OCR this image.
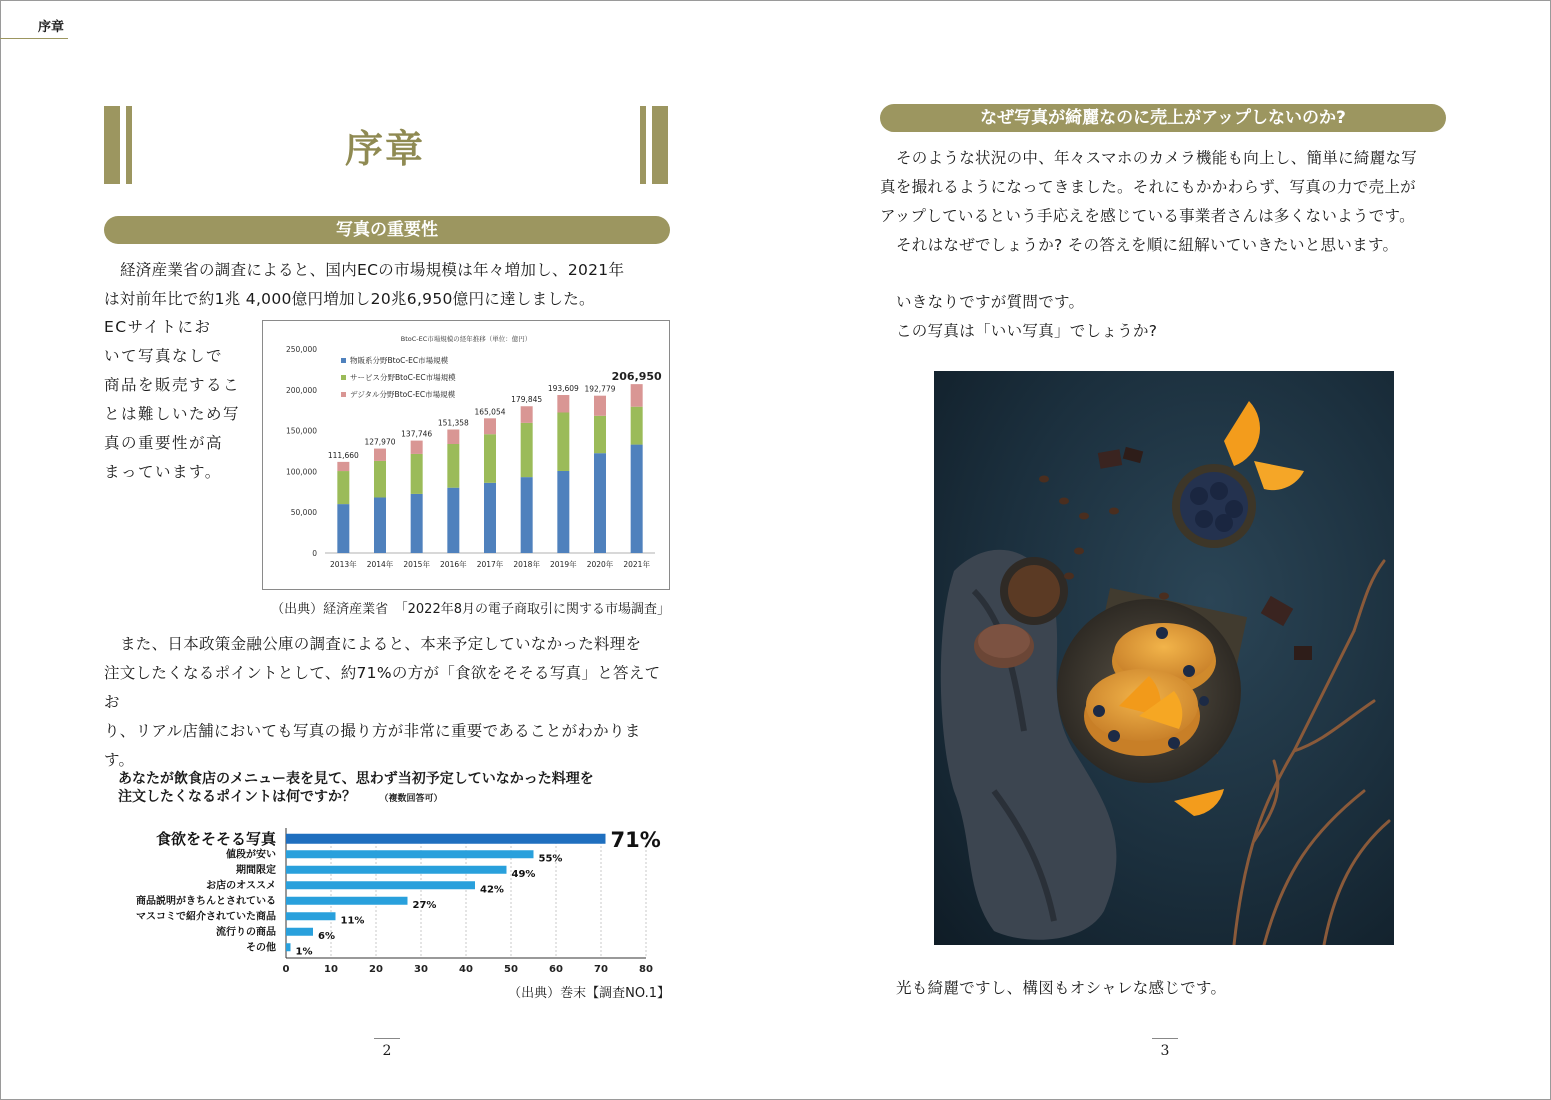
序章
序章
写真の重要性
経済産業省の調査によると、国内ECの市場規模は年々増加し、2021年
は対前年比で約1兆 4,000億円増加し20兆6,950億円に達しました。
ECサイトにお
いて写真なしで
商品を販売するこ
とは難しいため写
真の重要性が高
まっています。
BtoC-EC市場規模の経年推移（単位：億円）
0
50,000
100,000
150,000
200,000
250,000
111,660
2013年
127,970
2014年
137,746
2015年
151,358
2016年
165,054
2017年
179,845
2018年
193,609
2019年
192,779
2020年
206,950
2021年
物販系分野BtoC-EC市場規模
サービス分野BtoC-EC市場規模
デジタル分野BtoC-EC市場規模
（出典）経済産業省　「2022年8月の電子商取引に関する市場調査」
また、日本政策金融公庫の調査によると、本来予定していなかった料理を
注文したくなるポイントとして、約71%の方が「食欲をそそる写真」と答えてお
り、リアル店舗においても写真の撮り方が非常に重要であることがわかりま
す。
あなたが飲食店のメニュー表を見て、思わず当初予定していなかった料理を
注文したくなるポイントは何ですか？　　	（複数回答可）
0	10	20	30	40	50	60	70	80
食欲をそそる写真	71%
値段が安い	55%
期間限定	49%
お店のオススメ	42%
商品説明がきちんとされている	27%
マスコミで紹介されていた商品	11%
流行りの商品	6%
その他 1%
（出典）巻末【調査NO.1】
2
なぜ写真が綺麗なのに売上がアップしないのか?
そのような状況の中、年々スマホのカメラ機能も向上し、簡単に綺麗な写
真を撮れるようになってきました。それにもかかわらず、写真の力で売上が
アップしているという手応えを感じている事業者さんは多くないようです。
それはなぜでしょうか? その答えを順に紐解いていきたいと思います。
いきなりですが質問です。
この写真は「いい写真」でしょうか?
光も綺麗ですし、構図もオシャレな感じです。
3
